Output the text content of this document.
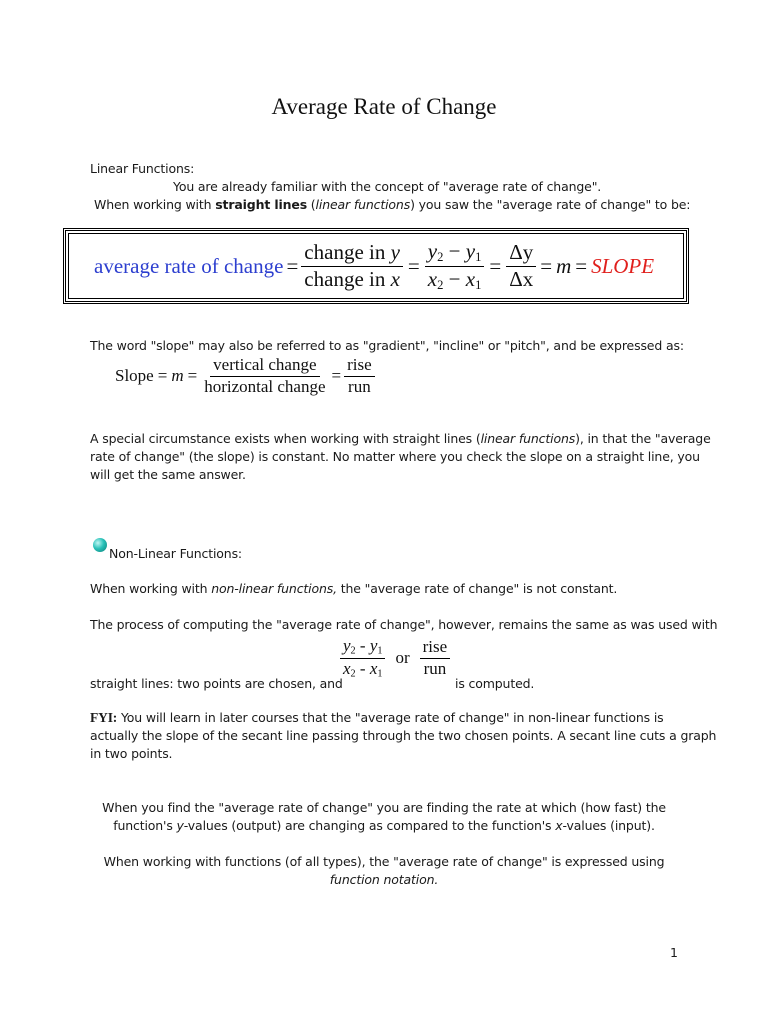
Average Rate of Change
Linear Functions:
You are already familiar with the concept of "average rate of change".
When working with straight lines (linear functions) you saw the "average rate of change" to be:
average rate of change = $\frac{\text{change in y}}{\text{change in x}} = \frac{y_2 - y_1}{x_2 - x_1} = \frac{\Delta y}{\Delta x} = m$ = SLOPE
The word "slope" may also be referred to as "gradient", "incline" or "pitch", and be expressed as:
Slope = $m = \frac{\text{vertical change}}{\text{horizontal change}} = \frac{\text{rise}}{\text{run}}$
A special circumstance exists when working with straight lines (linear functions), in that the "average
rate of change" (the slope) is constant. No matter where you check the slope on a straight line, you
will get the same answer.
Non-Linear Functions:
When working with non-linear functions, the "average rate of change" is not constant.
The process of computing the "average rate of change", however, remains the same as was used with
$\frac{y_2 - y_1}{x_2 - x_1}$ or $\frac{\text{rise}}{\text{run}}$
straight lines: two points are chosen, and	is computed.
FYI: You will learn in later courses that the "average rate of change" in non-linear functions is
actually the slope of the secant line passing through the two chosen points. A secant line cuts a graph
in two points.
When you find the "average rate of change" you are finding the rate at which (how fast) the
function's y-values (output) are changing as compared to the function's x-values (input).
When working with functions (of all types), the "average rate of change" is expressed using
function notation.
1
